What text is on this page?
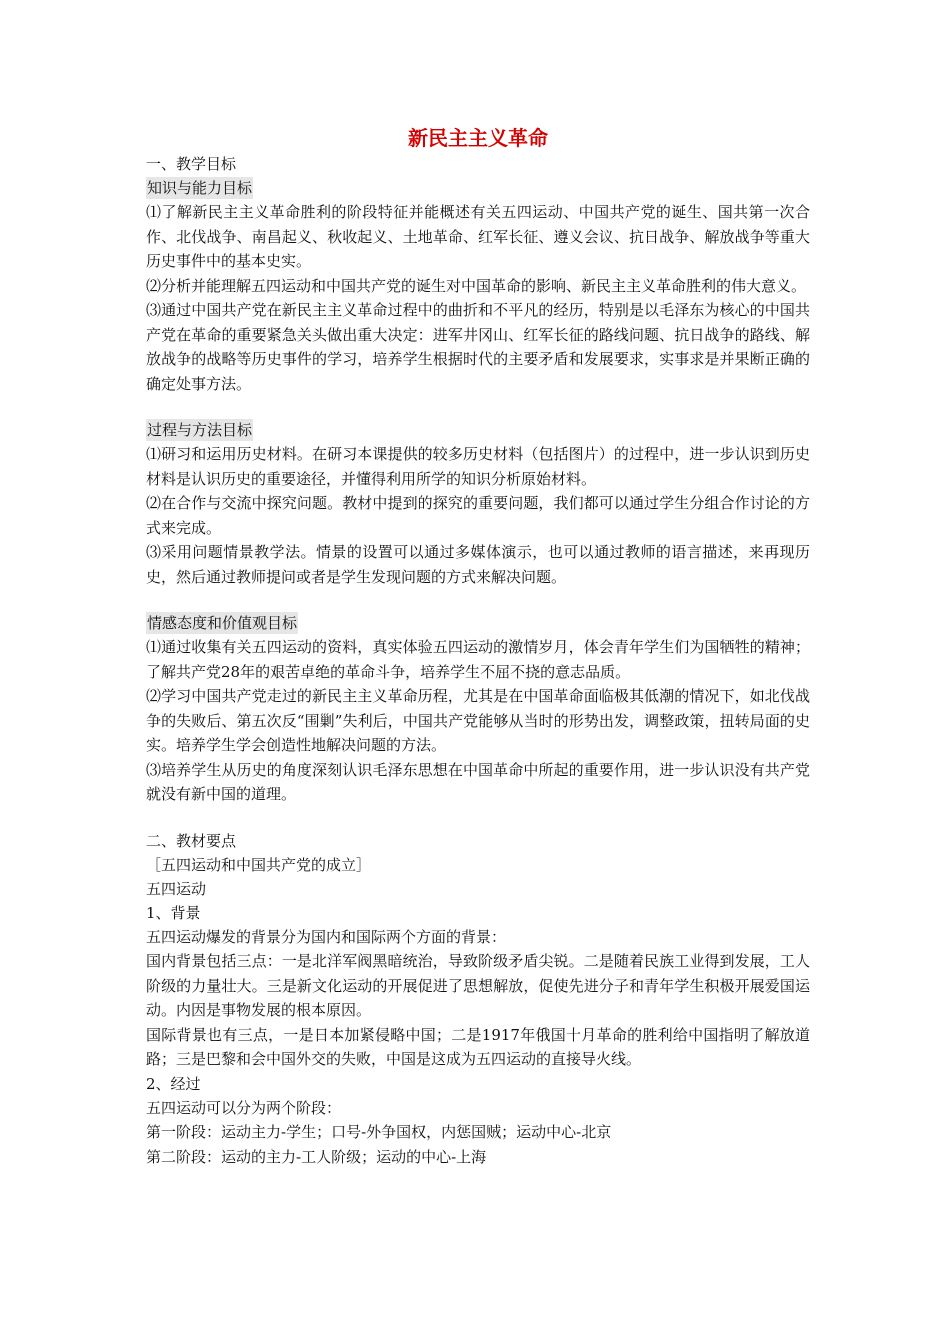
新民主主义革命

一、教学目标

知识与能力目标

⑴了解新民主主义革命胜利的阶段特征并能概述有关五四运动、中国共产党的诞生、国共第一次合作、北伐战争、南昌起义、秋收起义、土地革命、红军长征、遵义会议、抗日战争、解放战争等重大历史事件中的基本史实。

⑵分析并能理解五四运动和中国共产党的诞生对中国革命的影响、新民主主义革命胜利的伟大意义。

⑶通过中国共产党在新民主主义革命过程中的曲折和不平凡的经历，特别是以毛泽东为核心的中国共产党在革命的重要紧急关头做出重大决定：进军井冈山、红军长征的路线问题、抗日战争的路线、解放战争的战略等历史事件的学习，培养学生根据时代的主要矛盾和发展要求，实事求是并果断正确的确定处事方法。

过程与方法目标

⑴研习和运用历史材料。在研习本课提供的较多历史材料（包括图片）的过程中，进一步认识到历史材料是认识历史的重要途径，并懂得利用所学的知识分析原始材料。

⑵在合作与交流中探究问题。教材中提到的探究的重要问题，我们都可以通过学生分组合作讨论的方式来完成。

⑶采用问题情景教学法。情景的设置可以通过多媒体演示，也可以通过教师的语言描述，来再现历史，然后通过教师提问或者是学生发现问题的方式来解决问题。

情感态度和价值观目标

⑴通过收集有关五四运动的资料，真实体验五四运动的激情岁月，体会青年学生们为国牺牲的精神；了解共产党28年的艰苦卓绝的革命斗争，培养学生不屈不挠的意志品质。

⑵学习中国共产党走过的新民主主义革命历程，尤其是在中国革命面临极其低潮的情况下，如北伐战争的失败后、第五次反“围剿”失利后，中国共产党能够从当时的形势出发，调整政策，扭转局面的史实。培养学生学会创造性地解决问题的方法。

⑶培养学生从历史的角度深刻认识毛泽东思想在中国革命中所起的重要作用，进一步认识没有共产党就没有新中国的道理。

二、教材要点

［五四运动和中国共产党的成立］

五四运动

1、背景

五四运动爆发的背景分为国内和国际两个方面的背景：

国内背景包括三点：一是北洋军阀黑暗统治，导致阶级矛盾尖锐。二是随着民族工业得到发展，工人阶级的力量壮大。三是新文化运动的开展促进了思想解放，促使先进分子和青年学生积极开展爱国运动。内因是事物发展的根本原因。

国际背景也有三点，一是日本加紧侵略中国；二是1917年俄国十月革命的胜利给中国指明了解放道路；三是巴黎和会中国外交的失败，中国是这成为五四运动的直接导火线。

2、经过

五四运动可以分为两个阶段：

第一阶段：运动主力-学生；口号-外争国权，内惩国贼；运动中心-北京

第二阶段：运动的主力-工人阶级；运动的中心-上海
